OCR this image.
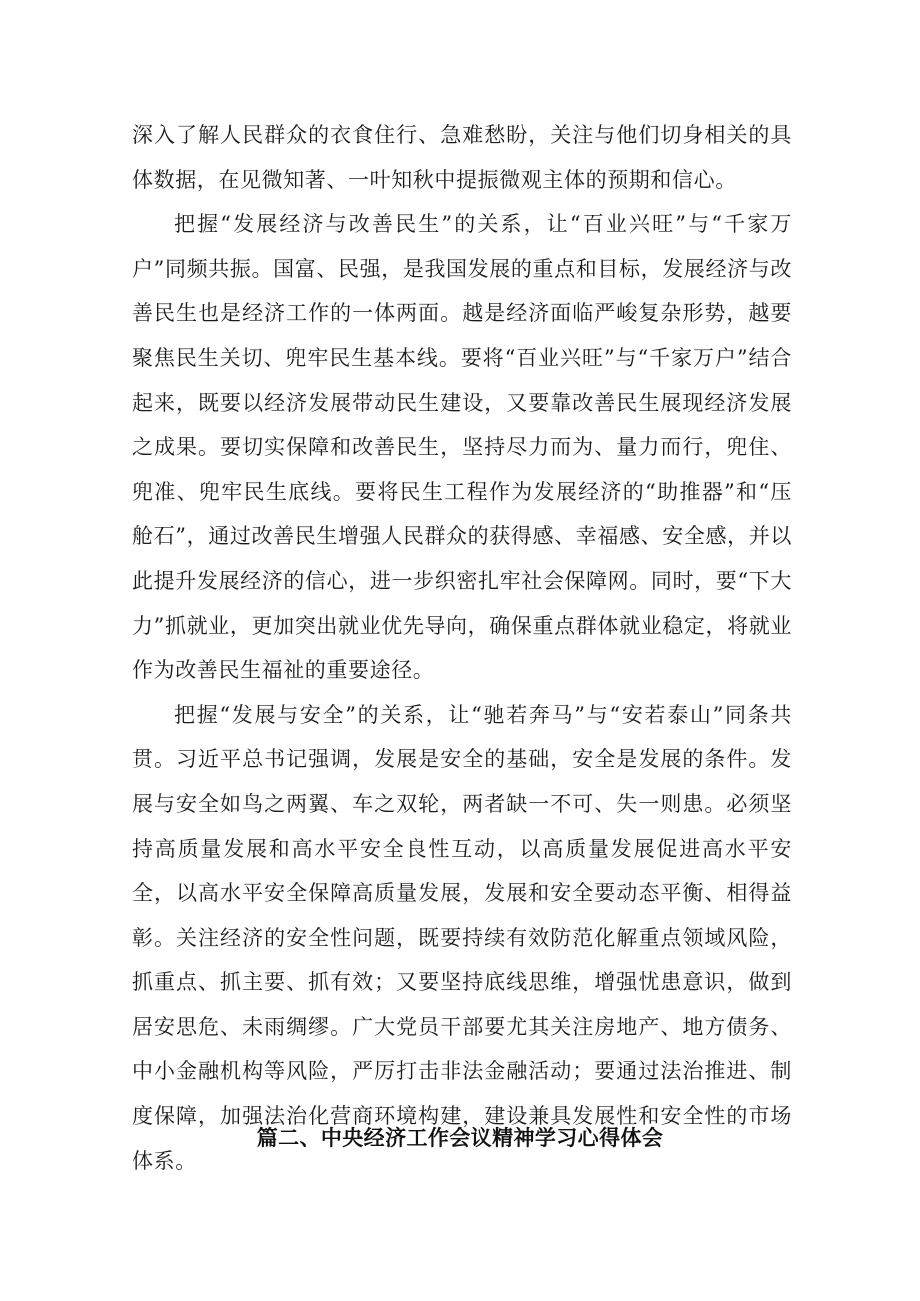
深入了解人民群众的衣食住行、急难愁盼，关注与他们切身相关的具体数据，在见微知著、一叶知秋中提振微观主体的预期和信心。

把握“发展经济与改善民生”的关系，让“百业兴旺”与“千家万户”同频共振。国富、民强，是我国发展的重点和目标，发展经济与改善民生也是经济工作的一体两面。越是经济面临严峻复杂形势，越要聚焦民生关切、兜牢民生基本线。要将“百业兴旺”与“千家万户”结合起来，既要以经济发展带动民生建设，又要靠改善民生展现经济发展之成果。要切实保障和改善民生，坚持尽力而为、量力而行，兜住、兜准、兜牢民生底线。要将民生工程作为发展经济的“助推器”和“压舱石”，通过改善民生增强人民群众的获得感、幸福感、安全感，并以此提升发展经济的信心，进一步织密扎牢社会保障网。同时，要“下大力”抓就业，更加突出就业优先导向，确保重点群体就业稳定，将就业作为改善民生福祉的重要途径。

把握“发展与安全”的关系，让“驰若奔马”与“安若泰山”同条共贯。习近平总书记强调，发展是安全的基础，安全是发展的条件。发展与安全如鸟之两翼、车之双轮，两者缺一不可、失一则患。必须坚持高质量发展和高水平安全良性互动，以高质量发展促进高水平安全，以高水平安全保障高质量发展，发展和安全要动态平衡、相得益彰。关注经济的安全性问题，既要持续有效防范化解重点领域风险，抓重点、抓主要、抓有效；又要坚持底线思维，增强忧患意识，做到居安思危、未雨绸缪。广大党员干部要尤其关注房地产、地方债务、中小金融机构等风险，严厉打击非法金融活动；要通过法治推进、制度保障，加强法治化营商环境构建，建设兼具发展性和安全性的市场体系。

篇二、中央经济工作会议精神学习心得体会
